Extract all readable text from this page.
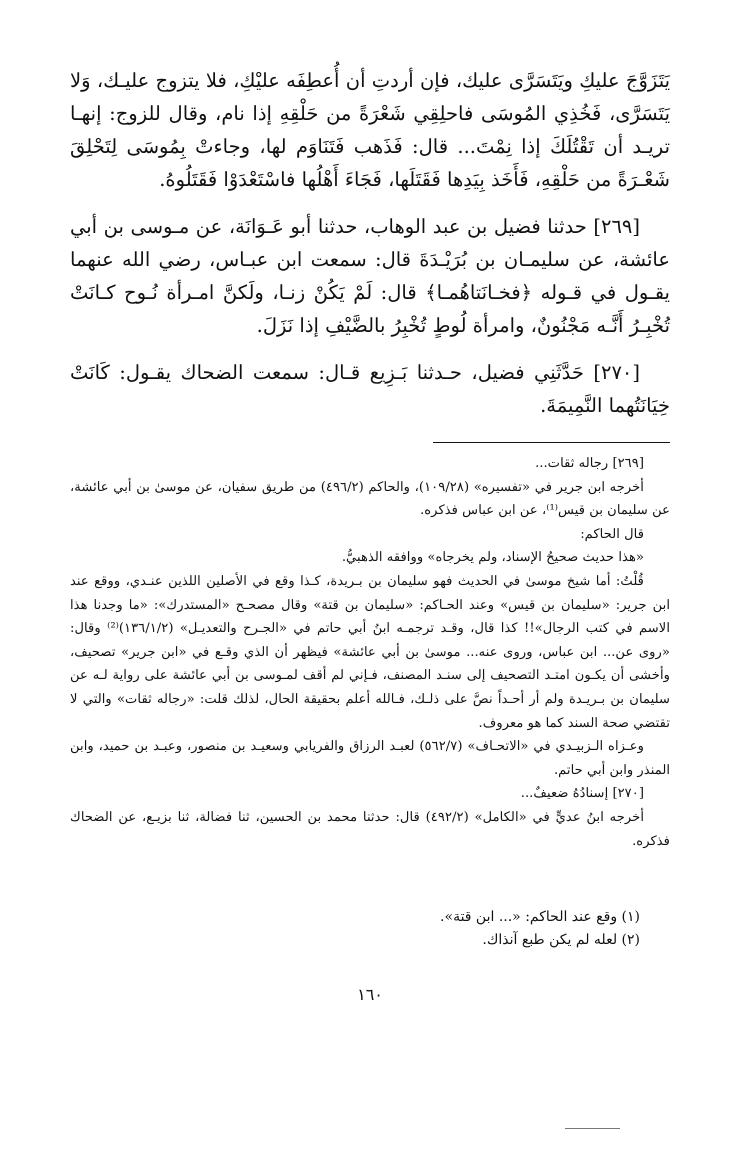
يَتَزَوَّجَ عليكِ ويَتَسَرَّى عليك، فإن أردتِ أن أُعطِفَه عليْكِ، فلا يتزوج عليـك، وَلا يَتَسَرَّى، فَخُذِي المُوسَى فاحلِقِي شَعْرَةً من حَلْقِهِ إذا نام، وقال للزوج: إنهـا تريـد أن تَقْتُلَكَ إذا نِمْتَ... قال: فَذَهب فَتَنَاوَم لها، وجاءتْ بِمُوسَى لِتَحْلِقَ شَعْـرَةً من حَلْقِهِ، فَأَخَذ بِيَدِها فَقَتَلَها، فَجَاءَ أَهْلُها فاسْتَعْدَوْا فَقَتَلُوهُ.

[٢٦٩] حدثنا فضيل بن عبد الوهاب، حدثنا أبو عَـوَانَة، عن مـوسى بن أبي عائشة، عن سليمـان بن بُرَيْـدَةَ قال: سمعت ابن عبـاس، رضي الله عنهما يقـول في قـوله ﴿فخـانَتاهُمـا﴾ قال: لَمْ يَكُنْ زنـا، ولَكنَّ امـرأة نُـوح كـانَتْ تُخْبِـرُ أَنَّـه مَجْنُونٌ، وامرأة لُوطٍ تُخْبِرُ بالضَّيْفِ إذا نَزَلَ.

[٢٧٠] حَدَّثَنِي فضيل، حـدثنا بَـزِيع قـال: سمعت الضحاك يقـول: كَانَتْ خِيَانَتُهما النَّمِيمَةَ.

[٢٦٩] رجاله ثقات...

أخرجه ابن جرير في «تفسيره» (١٠٩/٢٨)، والحاكم (٤٩٦/٢) من طريق سفيان، عن موسىٰ بن أبي عائشة، عن سليمان بن قيس⁽¹⁾، عن ابن عباس فذكره.

قال الحاكم:

«هذا حديث صحيحُ الإسناد، ولم يخرجاه» ووافقه الذهبيُّ.

قُلْتُ: أما شيخ موسىٰ في الحديث فهو سليمان بن بـريدة، كـذا وقع في الأصلين اللذين عنـدي، ووقع عند ابن جرير: «سليمان بن قيس» وعند الحـاكم: «سليمان بن قتة» وقال مصحـح «المستدرك»: «ما وجدنا هذا الاسم في كتب الرجال»!! كذا قال، وقـد ترجمـه ابنُ أبي حاتم في «الجـرح والتعديـل» (١٣٦/١/٢)⁽²⁾ وقال: «روى عن... ابن عباس، وروى عنه... موسىٰ بن أبي عائشة» فيظهر أن الذي وقـع في «ابن جرير» تصحيف، وأخشى أن يكـون امتـد التصحيف إلى سنـد المصنف، فـإني لم أقف لمـوسى بن أبي عائشة على رواية لـه عن سليمان بن بـريـدة ولم أر أحـداً نصَّ على ذلـك، فـالله أعلم بحقيقة الحال، لذلك قلت: «رجاله ثقات» والتي لا تقتضي صحة السند كما هو معروف.

وعـزاه الـزبيـدي في «الاتحـاف» (٥٦٢/٧) لعبـد الرزاق والفريابي وسعيـد بن منصور، وعبـد بن حميد، وابن المنذر وابن أبي حاتم.

[٢٧٠] إسنادُهُ ضعيفٌ...

أخرجه ابنُ عديٍّ في «الكامل» (٤٩٢/٢) قال: حدثنا محمد بن الحسين، ثنا فضالة، ثنا بزيـع، عن الضحاك فذكره.

(١) وقع عند الحاكم: «... ابن قتة».

(٢) لعله لم يكن طبع آنذاك.

١٦٠
